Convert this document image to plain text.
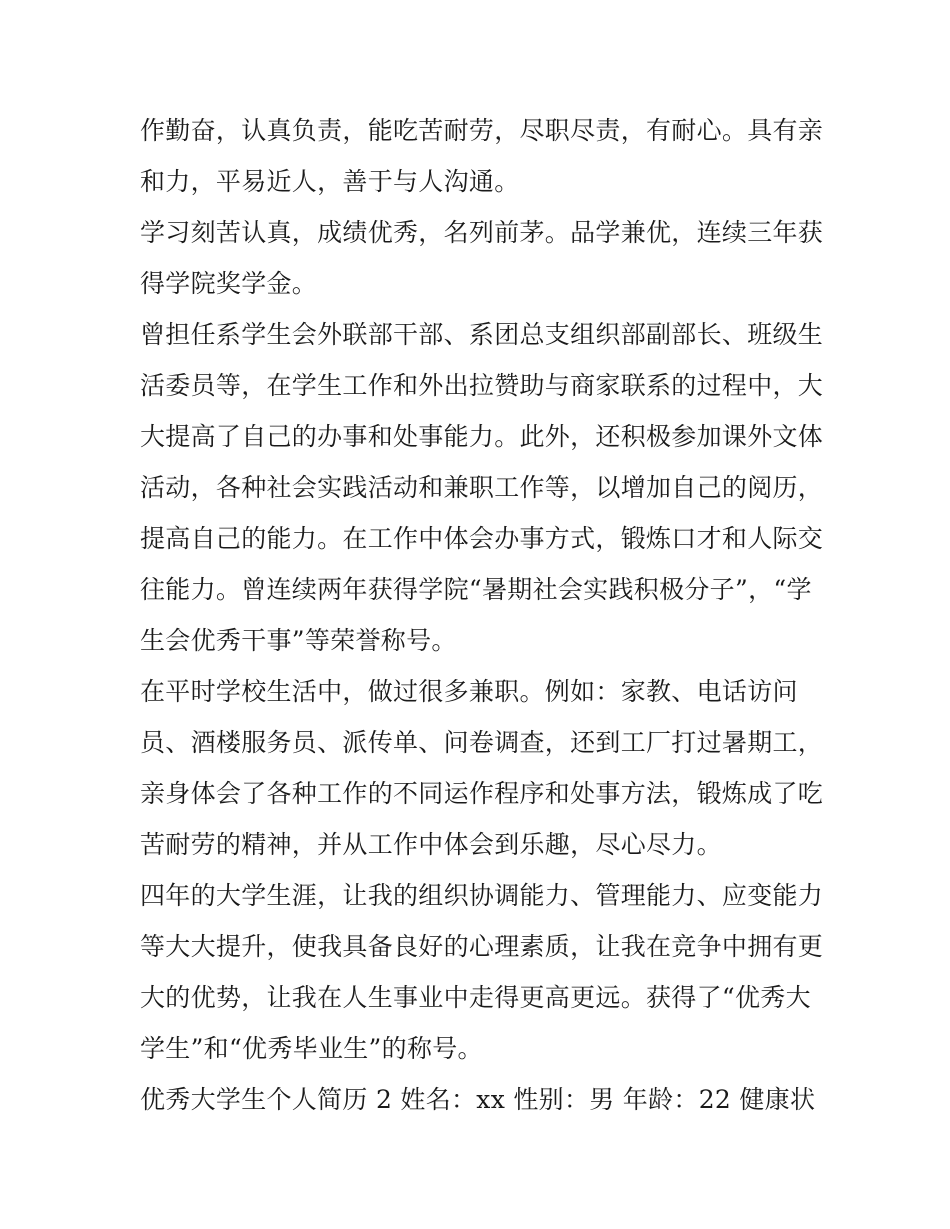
作勤奋，认真负责，能吃苦耐劳，尽职尽责，有耐心。具有亲
和力，平易近人，善于与人沟通。
学习刻苦认真，成绩优秀，名列前茅。品学兼优，连续三年获
得学院奖学金。
曾担任系学生会外联部干部、系团总支组织部副部长、班级生
活委员等，在学生工作和外出拉赞助与商家联系的过程中，大
大提高了自己的办事和处事能力。此外，还积极参加课外文体
活动，各种社会实践活动和兼职工作等，以增加自己的阅历，
提高自己的能力。在工作中体会办事方式，锻炼口才和人际交
往能力。曾连续两年获得学院“暑期社会实践积极分子”，“学
生会优秀干事”等荣誉称号。
在平时学校生活中，做过很多兼职。例如：家教、电话访问
员、酒楼服务员、派传单、问卷调查，还到工厂打过暑期工，
亲身体会了各种工作的不同运作程序和处事方法，锻炼成了吃
苦耐劳的精神，并从工作中体会到乐趣，尽心尽力。
四年的大学生涯，让我的组织协调能力、管理能力、应变能力
等大大提升，使我具备良好的心理素质，让我在竞争中拥有更
大的优势，让我在人生事业中走得更高更远。获得了“优秀大
学生”和“优秀毕业生”的称号。
优秀大学生个人简历 2 姓名：xx 性别：男 年龄：22 健康状
